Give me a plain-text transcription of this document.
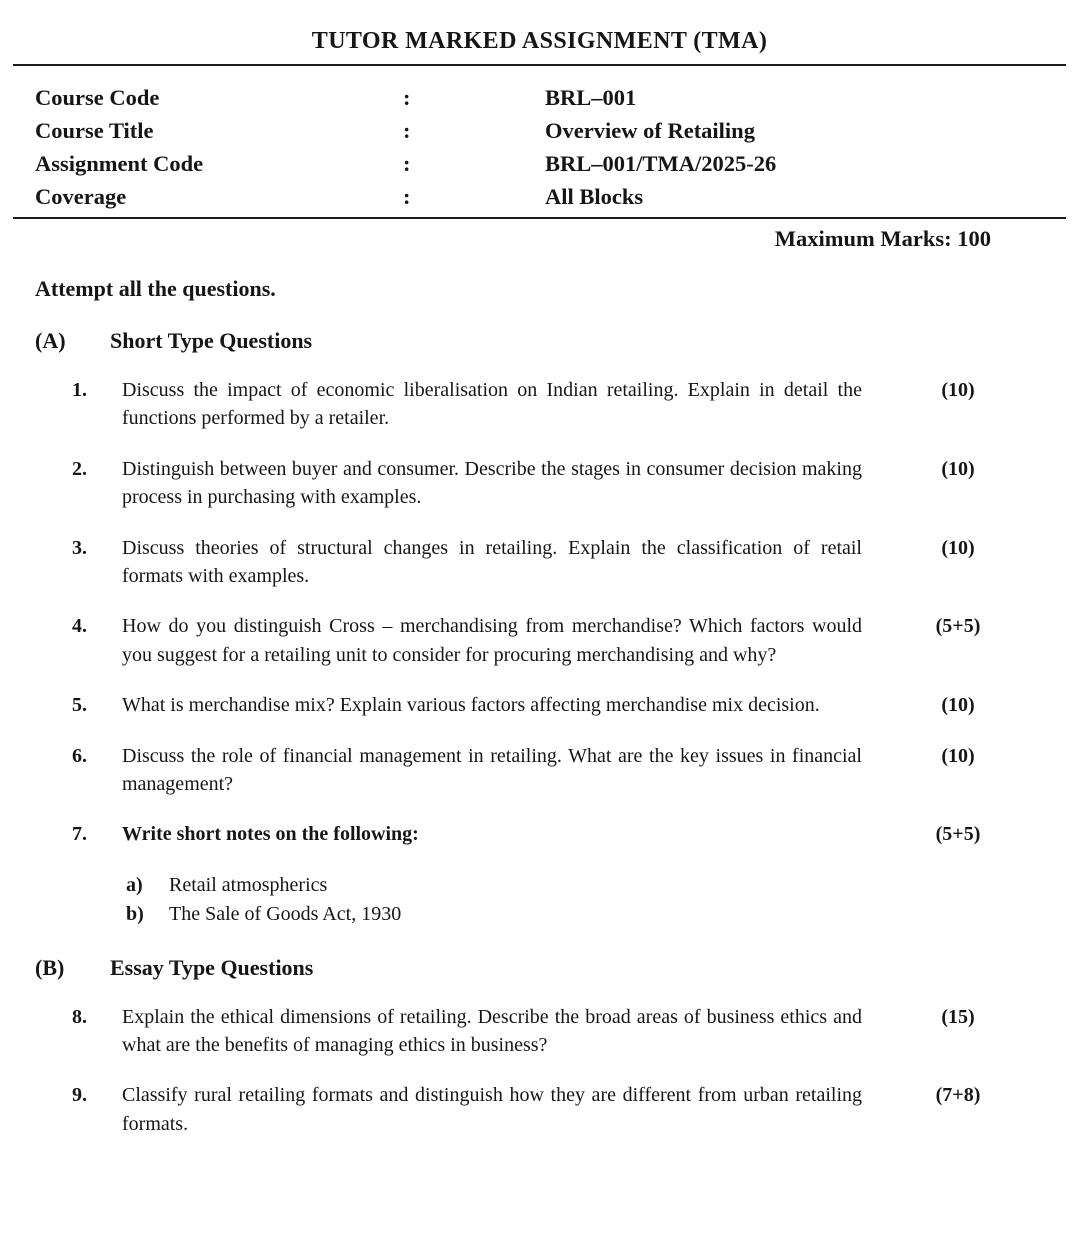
TUTOR MARKED ASSIGNMENT (TMA)
Course Code	:	BRL–001
Course Title	:	Overview of Retailing
Assignment Code	:	BRL–001/TMA/2025-26
Coverage	:	All Blocks
Maximum Marks: 100
Attempt all the questions.
(A)	Short Type Questions
1.	Discuss the impact of economic liberalisation on Indian retailing. Explain in detail the functions performed by a retailer.
(10)
2.	Distinguish between buyer and consumer. Describe the stages in consumer decision making process in purchasing with examples.
(10)
3.	Discuss theories of structural changes in retailing. Explain the classification of retail formats with examples.
(10)
4.	How do you distinguish Cross – merchandising from merchandise? Which factors would you suggest for a retailing unit to consider for procuring merchandising and why?
(5+5)
5.	What is merchandise mix? Explain various factors affecting merchandise mix decision.	(10)
6.	Discuss the role of financial management in retailing. What are the key issues in financial management?
(10)
7.	Write short notes on the following:
a)	Retail atmospherics
b)	The Sale of Goods Act, 1930
(5+5)
(B)	Essay Type Questions
8.	Explain the ethical dimensions of retailing. Describe the broad areas of business ethics and what are the benefits of managing ethics in business?
(15)
9.	Classify rural retailing formats and distinguish how they are different from urban retailing formats.
(7+8)
